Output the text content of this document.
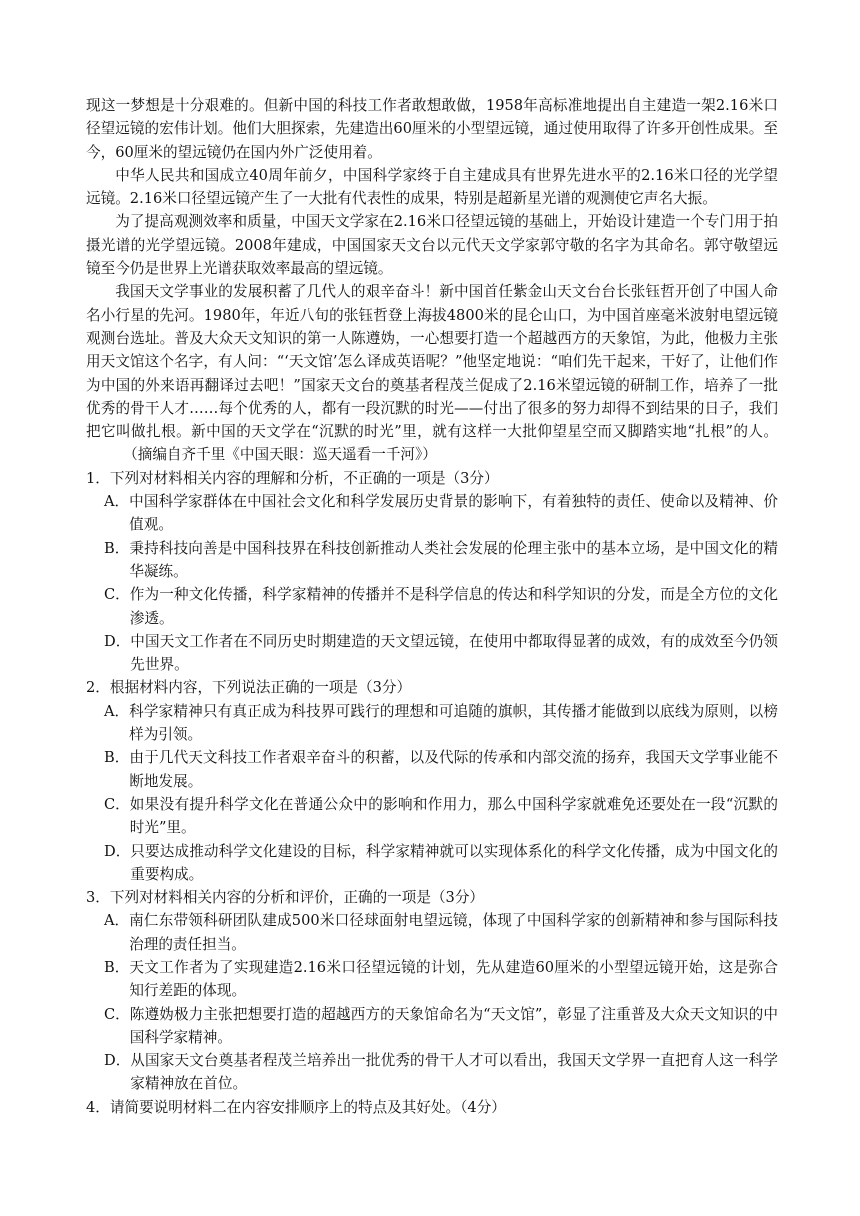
现这一梦想是十分艰难的。但新中国的科技工作者敢想敢做，1958年高标准地提出自主建造一架2.16米口径望远镜的宏伟计划。他们大胆探索，先建造出60厘米的小型望远镜，通过使用取得了许多开创性成果。至今，60厘米的望远镜仍在国内外广泛使用着。

中华人民共和国成立40周年前夕，中国科学家终于自主建成具有世界先进水平的2.16米口径的光学望远镜。2.16米口径望远镜产生了一大批有代表性的成果，特别是超新星光谱的观测使它声名大振。

为了提高观测效率和质量，中国天文学家在2.16米口径望远镜的基础上，开始设计建造一个专门用于拍摄光谱的光学望远镜。2008年建成，中国国家天文台以元代天文学家郭守敬的名字为其命名。郭守敬望远镜至今仍是世界上光谱获取效率最高的望远镜。

我国天文学事业的发展积蓄了几代人的艰辛奋斗！新中国首任紫金山天文台台长张钰哲开创了中国人命名小行星的先河。1980年，年近八旬的张钰哲登上海拔4800米的昆仑山口，为中国首座毫米波射电望远镜观测台选址。普及大众天文知识的第一人陈遵妫，一心想要打造一个超越西方的天象馆，为此，他极力主张用天文馆这个名字，有人问：“‘天文馆’怎么译成英语呢？”他坚定地说：“咱们先干起来，干好了，让他们作为中国的外来语再翻译过去吧！”国家天文台的奠基者程茂兰促成了2.16米望远镜的研制工作，培养了一批优秀的骨干人才……每个优秀的人，都有一段沉默的时光——付出了很多的努力却得不到结果的日子，我们把它叫做扎根。新中国的天文学在“沉默的时光”里，就有这样一大批仰望星空而又脚踏实地“扎根”的人。        （摘编自齐千里《中国天眼：巡天遥看一千河》）

1．下列对材料相关内容的理解和分析，不正确的一项是（3分）

A． 中国科学家群体在中国社会文化和科学发展历史背景的影响下，有着独特的责任、使命以及精神、价值观。
B． 秉持科技向善是中国科技界在科技创新推动人类社会发展的伦理主张中的基本立场，是中国文化的精华凝练。
C． 作为一种文化传播，科学家精神的传播并不是科学信息的传达和科学知识的分发，而是全方位的文化渗透。
D． 中国天文工作者在不同历史时期建造的天文望远镜，在使用中都取得显著的成效，有的成效至今仍领先世界。

2．根据材料内容，下列说法正确的一项是（3分）

A． 科学家精神只有真正成为科技界可践行的理想和可追随的旗帜，其传播才能做到以底线为原则，以榜样为引领。
B． 由于几代天文科技工作者艰辛奋斗的积蓄，以及代际的传承和内部交流的扬弃，我国天文学事业能不断地发展。
C． 如果没有提升科学文化在普通公众中的影响和作用力，那么中国科学家就难免还要处在一段“沉默的时光”里。
D． 只要达成推动科学文化建设的目标，科学家精神就可以实现体系化的科学文化传播，成为中国文化的重要构成。

3．下列对材料相关内容的分析和评价，正确的一项是（3分）

A． 南仁东带领科研团队建成500米口径球面射电望远镜，体现了中国科学家的创新精神和参与国际科技治理的责任担当。
B． 天文工作者为了实现建造2.16米口径望远镜的计划，先从建造60厘米的小型望远镜开始，这是弥合知行差距的体现。
C． 陈遵妫极力主张把想要打造的超越西方的天象馆命名为“天文馆”，彰显了注重普及大众天文知识的中国科学家精神。
D． 从国家天文台奠基者程茂兰培养出一批优秀的骨干人才可以看出，我国天文学界一直把育人这一科学家精神放在首位。

4．请简要说明材料二在内容安排顺序上的特点及其好处。（4分）
